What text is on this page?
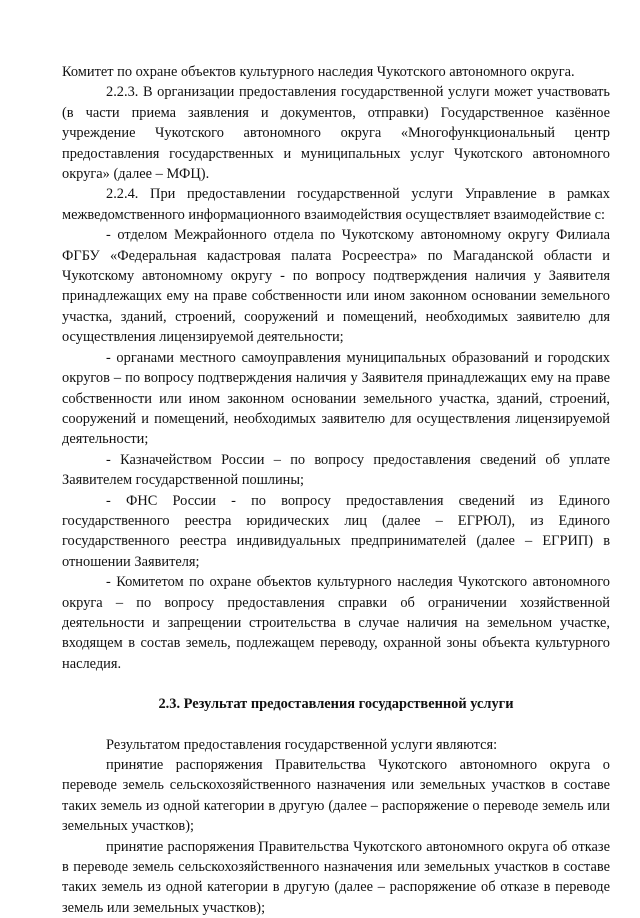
Комитет по охране объектов культурного наследия Чукотского автономного округа.

2.2.3. В организации предоставления государственной услуги может участвовать (в части приема заявления и документов, отправки) Государственное казённое учреждение Чукотского автономного округа «Многофункциональный центр предоставления государственных и муниципальных услуг Чукотского автономного округа» (далее – МФЦ).

2.2.4. При предоставлении государственной услуги Управление в рамках межведомственного информационного взаимодействия осуществляет взаимодействие с:

- отделом Межрайонного отдела по Чукотскому автономному округу Филиала ФГБУ «Федеральная кадастровая палата Росреестра» по Магаданской области и Чукотскому автономному округу - по вопросу подтверждения наличия у Заявителя принадлежащих ему на праве собственности или ином законном основании земельного участка, зданий, строений, сооружений и помещений, необходимых заявителю для осуществления лицензируемой деятельности;

- органами местного самоуправления муниципальных образований и городских округов – по вопросу подтверждения наличия у Заявителя принадлежащих ему на праве собственности или ином законном основании земельного участка, зданий, строений, сооружений и помещений, необходимых заявителю для осуществления лицензируемой деятельности;

- Казначейством России – по вопросу предоставления сведений об уплате Заявителем государственной пошлины;

- ФНС России - по вопросу предоставления сведений из Единого государственного реестра юридических лиц (далее – ЕГРЮЛ), из Единого государственного реестра индивидуальных предпринимателей (далее – ЕГРИП) в отношении Заявителя;

- Комитетом по охране объектов культурного наследия Чукотского автономного округа – по вопросу предоставления справки об ограничении хозяйственной деятельности и запрещении строительства в случае наличия на земельном участке, входящем в состав земель, подлежащем переводу, охранной зоны объекта культурного наследия.

2.3. Результат предоставления государственной услуги

Результатом предоставления государственной услуги являются:

принятие распоряжения Правительства Чукотского автономного округа о переводе земель сельскохозяйственного назначения или земельных участков в составе таких земель из одной категории в другую (далее – распоряжение о переводе земель или земельных участков);

принятие распоряжения Правительства Чукотского автономного округа об отказе в переводе земель сельскохозяйственного назначения или земельных участков в составе таких земель из одной категории в другую (далее – распоряжение об отказе в переводе земель или земельных участков);
